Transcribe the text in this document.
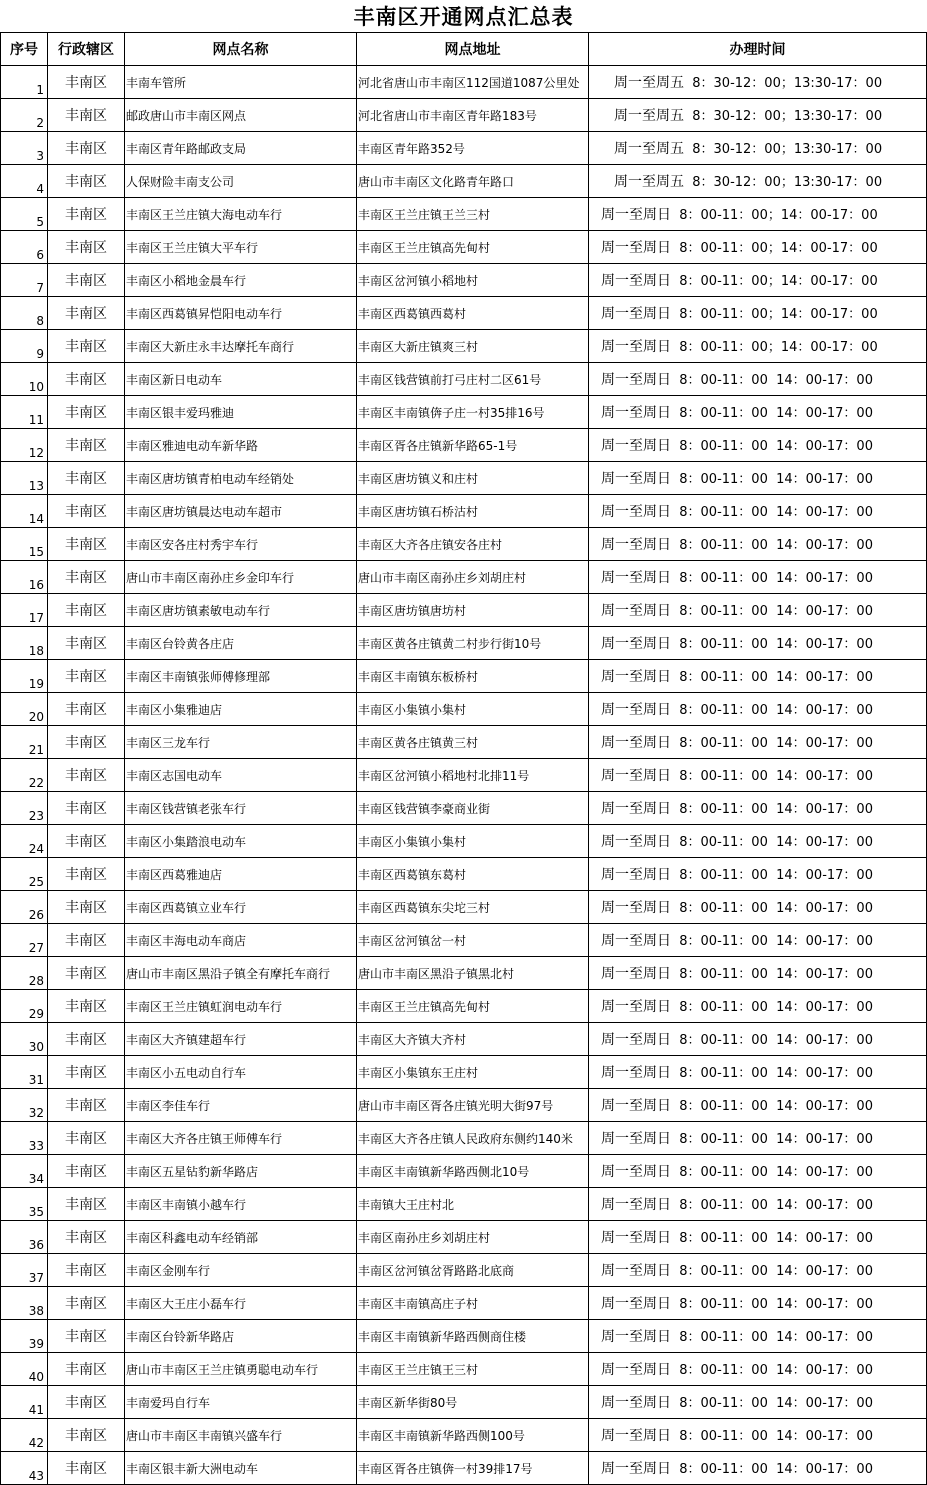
丰南区开通网点汇总表
序号	行政辖区	网点名称	网点地址	办理时间
1	丰南区	丰南车管所	河北省唐山市丰南区112国道1087公里处	周一至周五 8：30-12：00；13:30-17：00
2	丰南区	邮政唐山市丰南区网点	河北省唐山市丰南区青年路183号	周一至周五 8：30-12：00；13:30-17：00
3	丰南区	丰南区青年路邮政支局	丰南区青年路352号	周一至周五 8：30-12：00；13:30-17：00
4	丰南区	人保财险丰南支公司	唐山市丰南区文化路青年路口	周一至周五 8：30-12：00；13:30-17：00
5	丰南区	丰南区王兰庄镇大海电动车行	丰南区王兰庄镇王兰三村	周一至周日 8：00-11：00；14：00-17：00
6	丰南区	丰南区王兰庄镇大平车行	丰南区王兰庄镇高先甸村	周一至周日 8：00-11：00；14：00-17：00
7	丰南区	丰南区小稻地金晨车行	丰南区岔河镇小稻地村	周一至周日 8：00-11：00；14：00-17：00
8	丰南区	丰南区西葛镇昇恺阳电动车行	丰南区西葛镇西葛村	周一至周日 8：00-11：00；14：00-17：00
9	丰南区	丰南区大新庄永丰达摩托车商行	丰南区大新庄镇爽三村	周一至周日 8：00-11：00；14：00-17：00
10	丰南区	丰南区新日电动车	丰南区钱营镇前打弓庄村二区61号	周一至周日 8：00-11：00  14：00-17：00
11	丰南区	丰南区银丰爱玛雅迪	丰南区丰南镇倴子庄一村35排16号	周一至周日 8：00-11：00  14：00-17：00
12	丰南区	丰南区雅迪电动车新华路	丰南区胥各庄镇新华路65-1号	周一至周日 8：00-11：00  14：00-17：00
13	丰南区	丰南区唐坊镇青柏电动车经销处	丰南区唐坊镇义和庄村	周一至周日 8：00-11：00  14：00-17：00
14	丰南区	丰南区唐坊镇晨达电动车超市	丰南区唐坊镇石桥沽村	周一至周日 8：00-11：00  14：00-17：00
15	丰南区	丰南区安各庄村秀宇车行	丰南区大齐各庄镇安各庄村	周一至周日 8：00-11：00  14：00-17：00
16	丰南区	唐山市丰南区南孙庄乡金印车行	唐山市丰南区南孙庄乡刘胡庄村	周一至周日 8：00-11：00  14：00-17：00
17	丰南区	丰南区唐坊镇素敏电动车行	丰南区唐坊镇唐坊村	周一至周日 8：00-11：00  14：00-17：00
18	丰南区	丰南区台铃黄各庄店	丰南区黄各庄镇黄二村步行街10号	周一至周日 8：00-11：00  14：00-17：00
19	丰南区	丰南区丰南镇张师傅修理部	丰南区丰南镇东板桥村	周一至周日 8：00-11：00  14：00-17：00
20	丰南区	丰南区小集雅迪店	丰南区小集镇小集村	周一至周日 8：00-11：00  14：00-17：00
21	丰南区	丰南区三龙车行	丰南区黄各庄镇黄三村	周一至周日 8：00-11：00  14：00-17：00
22	丰南区	丰南区志国电动车	丰南区岔河镇小稻地村北排11号	周一至周日 8：00-11：00  14：00-17：00
23	丰南区	丰南区钱营镇老张车行	丰南区钱营镇李豪商业街	周一至周日 8：00-11：00  14：00-17：00
24	丰南区	丰南区小集踏浪电动车	丰南区小集镇小集村	周一至周日 8：00-11：00  14：00-17：00
25	丰南区	丰南区西葛雅迪店	丰南区西葛镇东葛村	周一至周日 8：00-11：00  14：00-17：00
26	丰南区	丰南区西葛镇立业车行	丰南区西葛镇东尖坨三村	周一至周日 8：00-11：00  14：00-17：00
27	丰南区	丰南区丰海电动车商店	丰南区岔河镇岔一村	周一至周日 8：00-11：00  14：00-17：00
28	丰南区	唐山市丰南区黑沿子镇全有摩托车商行	唐山市丰南区黑沿子镇黑北村	周一至周日 8：00-11：00  14：00-17：00
29	丰南区	丰南区王兰庄镇虹润电动车行	丰南区王兰庄镇高先甸村	周一至周日 8：00-11：00  14：00-17：00
30	丰南区	丰南区大齐镇建超车行	丰南区大齐镇大齐村	周一至周日 8：00-11：00  14：00-17：00
31	丰南区	丰南区小五电动自行车	丰南区小集镇东王庄村	周一至周日 8：00-11：00  14：00-17：00
32	丰南区	丰南区李佳车行	唐山市丰南区胥各庄镇光明大街97号	周一至周日 8：00-11：00  14：00-17：00
33	丰南区	丰南区大齐各庄镇王师傅车行	丰南区大齐各庄镇人民政府东侧约140米	周一至周日 8：00-11：00  14：00-17：00
34	丰南区	丰南区五星钻豹新华路店	丰南区丰南镇新华路西侧北10号	周一至周日 8：00-11：00  14：00-17：00
35	丰南区	丰南区丰南镇小越车行	丰南镇大王庄村北	周一至周日 8：00-11：00  14：00-17：00
36	丰南区	丰南区科鑫电动车经销部	丰南区南孙庄乡刘胡庄村	周一至周日 8：00-11：00  14：00-17：00
37	丰南区	丰南区金刚车行	丰南区岔河镇岔胥路路北底商	周一至周日 8：00-11：00  14：00-17：00
38	丰南区	丰南区大王庄小磊车行	丰南区丰南镇高庄子村	周一至周日 8：00-11：00  14：00-17：00
39	丰南区	丰南区台铃新华路店	丰南区丰南镇新华路西侧商住楼	周一至周日 8：00-11：00  14：00-17：00
40	丰南区	唐山市丰南区王兰庄镇勇聪电动车行	丰南区王兰庄镇王三村	周一至周日 8：00-11：00  14：00-17：00
41	丰南区	丰南爱玛自行车	丰南区新华街80号	周一至周日 8：00-11：00  14：00-17：00
42	丰南区	唐山市丰南区丰南镇兴盛车行	丰南区丰南镇新华路西侧100号	周一至周日 8：00-11：00  14：00-17：00
43	丰南区	丰南区银丰新大洲电动车	丰南区胥各庄镇倴一村39排17号	周一至周日 8：00-11：00  14：00-17：00
